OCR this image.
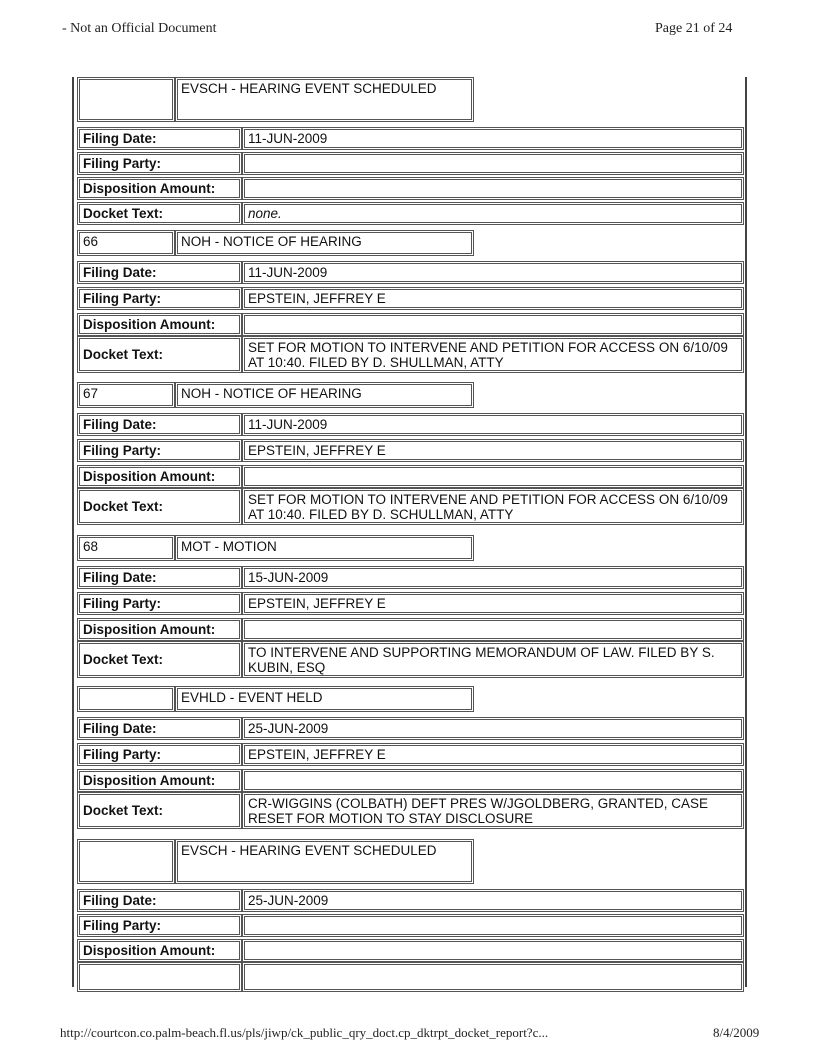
- Not an Official Document	Page 21 of 24
EVSCH - HEARING EVENT SCHEDULED
Filing Date:	11-JUN-2009
Filing Party:
Disposition Amount:
Docket Text:	none.
66	NOH - NOTICE OF HEARING
Filing Date:	11-JUN-2009
Filing Party:	EPSTEIN, JEFFREY E
Disposition Amount:
Docket Text:	SET FOR MOTION TO INTERVENE AND PETITION FOR ACCESS ON 6/10/09 AT 10:40. FILED BY D. SHULLMAN, ATTY
67	NOH - NOTICE OF HEARING
Filing Date:	11-JUN-2009
Filing Party:	EPSTEIN, JEFFREY E
Disposition Amount:
Docket Text:	SET FOR MOTION TO INTERVENE AND PETITION FOR ACCESS ON 6/10/09 AT 10:40. FILED BY D. SCHULLMAN, ATTY
68	MOT - MOTION
Filing Date:	15-JUN-2009
Filing Party:	EPSTEIN, JEFFREY E
Disposition Amount:
Docket Text:	TO INTERVENE AND SUPPORTING MEMORANDUM OF LAW. FILED BY S. KUBIN, ESQ
EVHLD - EVENT HELD
Filing Date:	25-JUN-2009
Filing Party:	EPSTEIN, JEFFREY E
Disposition Amount:
Docket Text:	CR-WIGGINS (COLBATH) DEFT PRES W/JGOLDBERG, GRANTED, CASE RESET FOR MOTION TO STAY DISCLOSURE
EVSCH - HEARING EVENT SCHEDULED
Filing Date:	25-JUN-2009
Filing Party:
Disposition Amount:
http://courtcon.co.palm-beach.fl.us/pls/jiwp/ck_public_qry_doct.cp_dktrpt_docket_report?c...	8/4/2009
